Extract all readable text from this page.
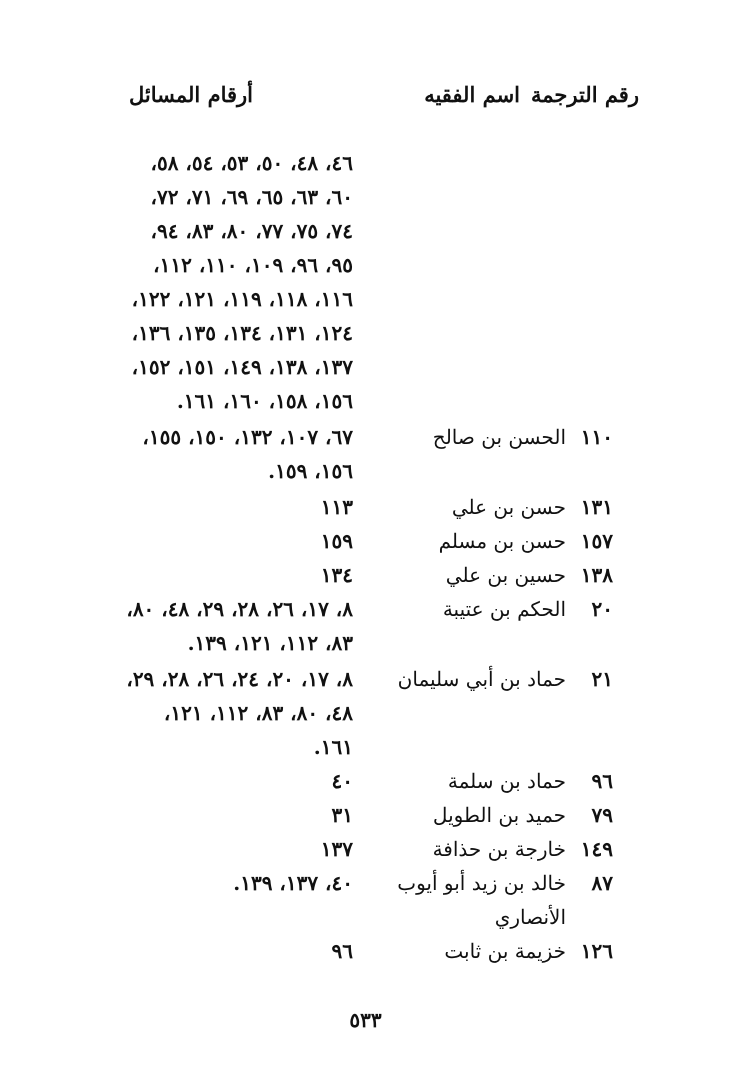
رقم الترجمة
اسم الفقيه
أرقام المسائل
٤٦، ٤٨، ٥٠، ٥٣، ٥٤، ٥٨،
٦٠، ٦٣، ٦٥، ٦٩، ٧١، ٧٢،
٧٤، ٧٥، ٧٧، ٨٠، ٨٣، ٩٤،
٩٥، ٩٦، ١٠٩، ١١٠، ١١٢،
١١٦، ١١٨، ١١٩، ١٢١، ١٢٢،
١٢٤، ١٣١، ١٣٤، ١٣٥، ١٣٦،
١٣٧، ١٣٨، ١٤٩، ١٥١، ١٥٢،
١٥٦، ١٥٨، ١٦٠، ١٦١.
١١٠
الحسن بن صالح
٦٧، ١٠٧، ١٣٢، ١٥٠، ١٥٥،
١٥٦، ١٥٩.
١٣١
حسن بن علي
١١٣
١٥٧
حسن بن مسلم
١٥٩
١٣٨
حسين بن علي
١٣٤
٢٠
الحكم بن عتيبة
٨، ١٧، ٢٦، ٢٨، ٢٩، ٤٨، ٨٠،
٨٣، ١١٢، ١٢١، ١٣٩.
٢١
حماد بن أبي سليمان
٨، ١٧، ٢٠، ٢٤، ٢٦، ٢٨، ٢٩،
٤٨، ٨٠، ٨٣، ١١٢، ١٢١،
١٦١.
٩٦
حماد بن سلمة
٤٠
٧٩
حميد بن الطويل
٣١
١٤٩
خارجة بن حذافة
١٣٧
٨٧
خالد بن زيد أبو أيوب
٤٠، ١٣٧، ١٣٩.
الأنصاري
١٢٦
خزيمة بن ثابت
٩٦
٥٣٣
